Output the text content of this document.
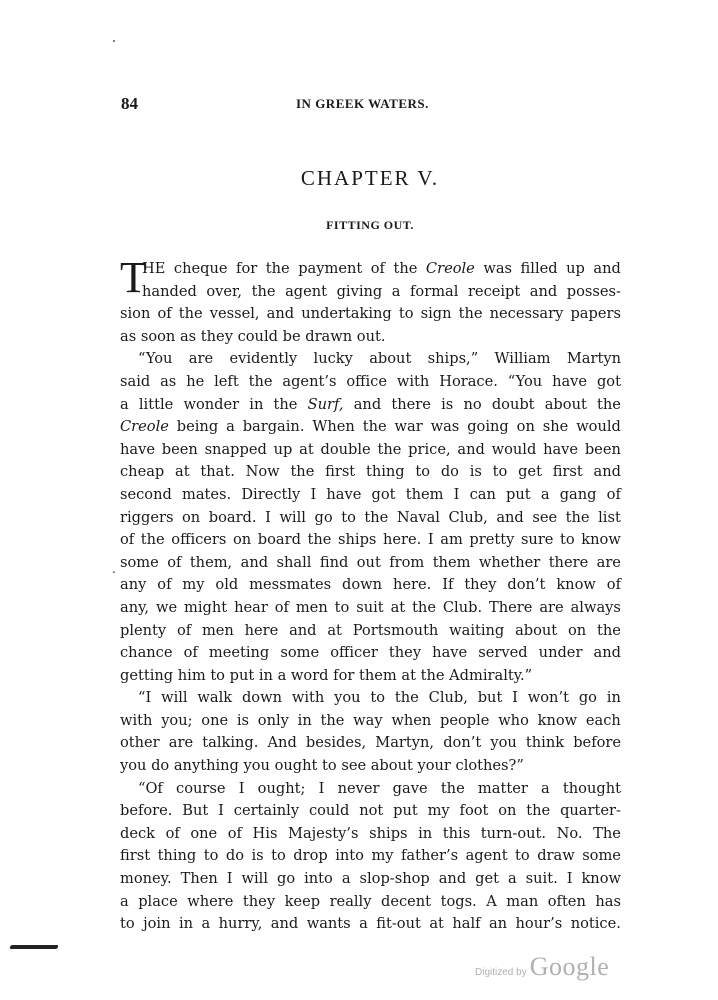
84	IN GREEK WATERS.
CHAPTER V.
FITTING OUT.
T
HE cheque for the payment of the Creole was filled up and
handed over, the agent giving a formal receipt and posses-
sion of the vessel, and undertaking to sign the necessary papers
as soon as they could be drawn out.
“You are evidently lucky about ships,” William Martyn
said as he left the agent’s office with Horace. “You have got
a little wonder in the Surf, and there is no doubt about the
Creole being a bargain. When the war was going on she would
have been snapped up at double the price, and would have been
cheap at that. Now the first thing to do is to get first and
second mates. Directly I have got them I can put a gang of
riggers on board. I will go to the Naval Club, and see the list
of the officers on board the ships here. I am pretty sure to know
some of them, and shall find out from them whether there are
any of my old messmates down here. If they don’t know of
any, we might hear of men to suit at the Club. There are always
plenty of men here and at Portsmouth waiting about on the
chance of meeting some officer they have served under and
getting him to put in a word for them at the Admiralty.”
“I will walk down with you to the Club, but I won’t go in
with you; one is only in the way when people who know each
other are talking. And besides, Martyn, don’t you think before
you do anything you ought to see about your clothes?”
“Of course I ought; I never gave the matter a thought
before. But I certainly could not put my foot on the quarter-
deck of one of His Majesty’s ships in this turn-out. No. The
first thing to do is to drop into my father’s agent to draw some
money. Then I will go into a slop-shop and get a suit. I know
a place where they keep really decent togs. A man often has
to join in a hurry, and wants a fit-out at half an hour’s notice.
.
Digitized by Google
